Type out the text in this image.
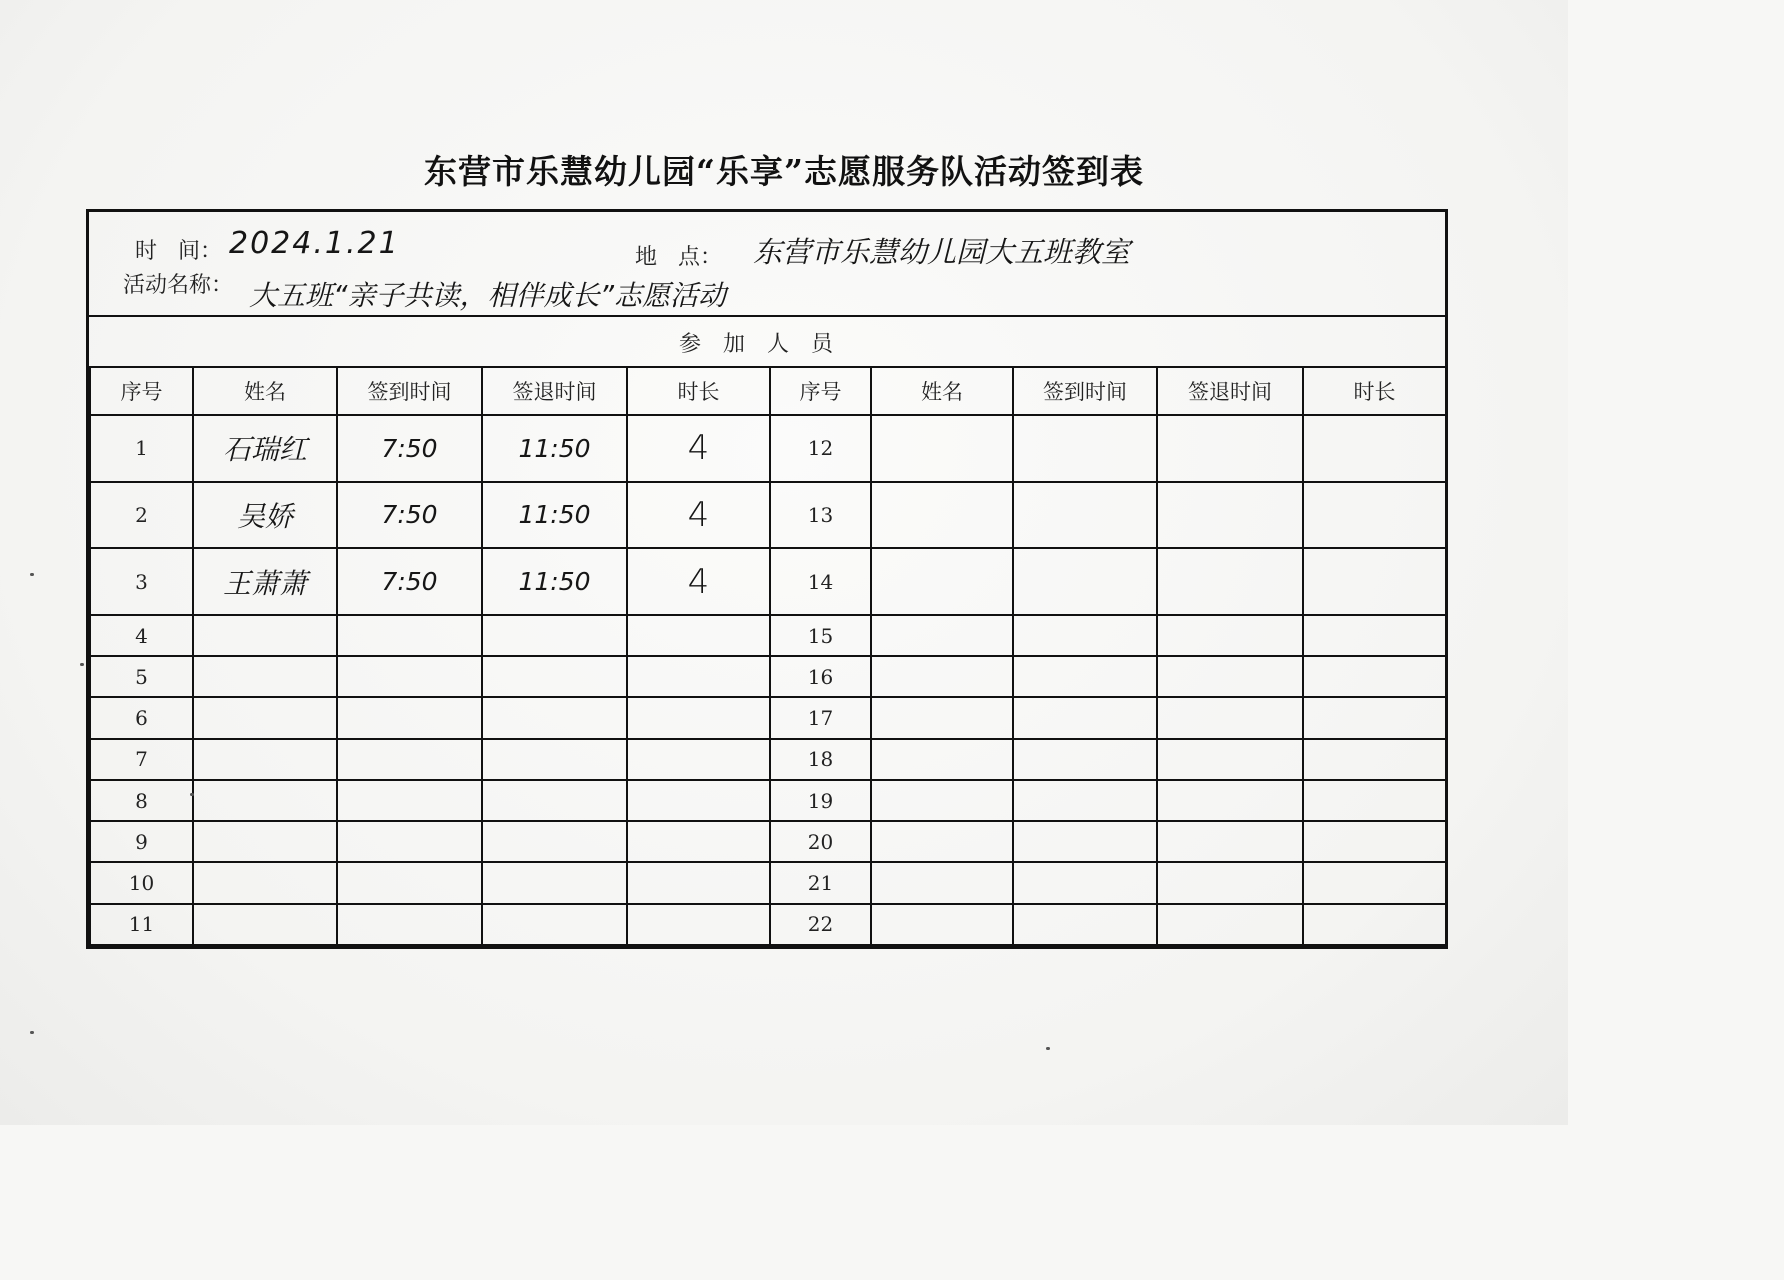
东营市乐慧幼儿园“乐享”志愿服务队活动签到表
时   间： 2024.1.21	地   点： 东营市乐慧幼儿园大五班教室
活动名称： 大五班“亲子共读，相伴成长”志愿活动
参加人员
序号	姓名	签到时间	签退时间	时长	序号	姓名	签到时间	签退时间	时长
1	石瑞红	7:50	11:50	4	12				
2	吴娇	7:50	11:50	4	13				
3	王萧萧	7:50	11:50	4	14				
4					15				
5					16				
6					17				
7					18				
8					19				
9					20				
10					21				
11					22				
